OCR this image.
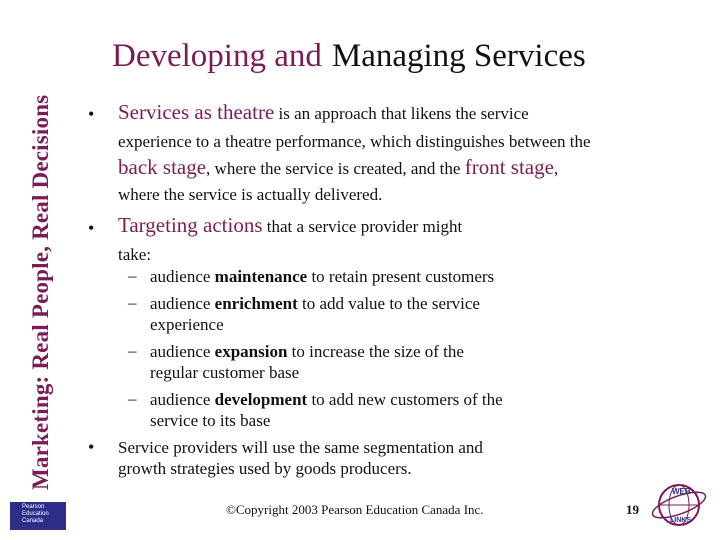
Marketing: Real People, Real Decisions
Developing and Managing Services
• Services as theatre is an approach that likens the service
experience to a theatre performance, which distinguishes between the
back stage, where the service is created, and the front stage,
where the service is actually delivered.
• Targeting actions that a service provider might
take:
– audience maintenance to retain present customers
– audience enrichment to add value to the service
experience
– audience expansion to increase the size of the
regular customer base
– audience development to add new customers of the
service to its base
• Service providers will use the same segmentation and
growth strategies used by goods producers.
Pearson
Education
Canada
©Copyright 2003 Pearson Education Canada Inc.	19
WEB
LINKS
